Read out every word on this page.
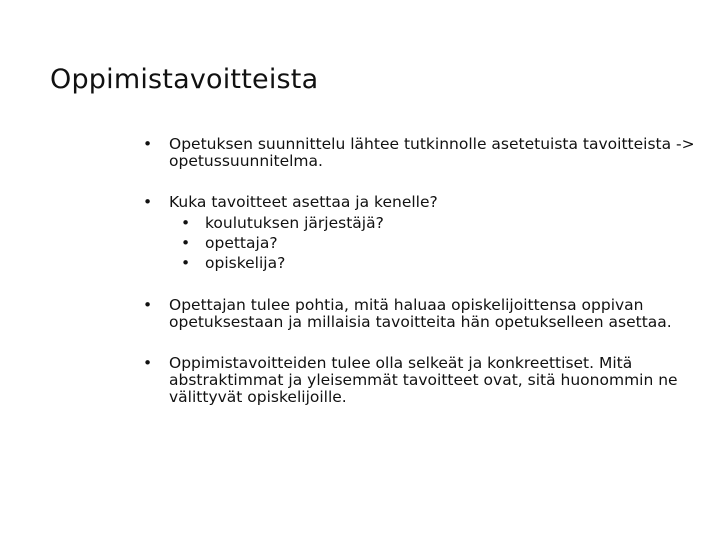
Oppimistavoitteista
• Opetuksen suunnittelu lähtee tutkinnolle asetetuista tavoitteista -> opetussuunnitelma.
• Kuka tavoitteet asettaa ja kenelle?
• koulutuksen järjestäjä?
• opettaja?
• opiskelija?
• Opettajan tulee pohtia, mitä haluaa opiskelijoittensa oppivan opetuksestaan ja millaisia tavoitteita hän opetukselleen asettaa.
• Oppimistavoitteiden tulee olla selkeät ja konkreettiset. Mitä abstraktimmat ja yleisemmät tavoitteet ovat, sitä huonommin ne välittyvät opiskelijoille.
